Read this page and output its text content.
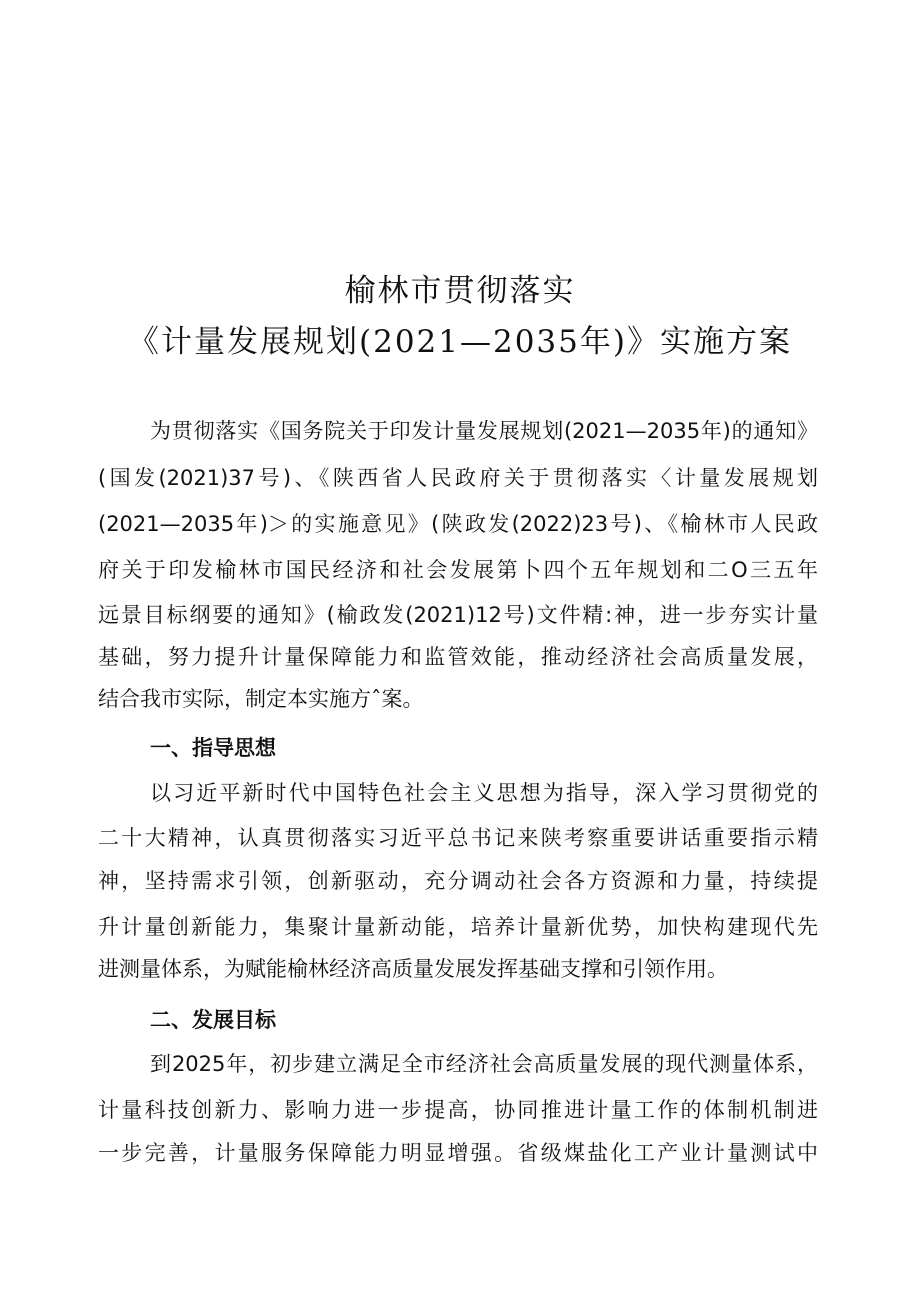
榆林市贯彻落实
《计量发展规划(2021—2035年)》实施方案
为贯彻落实《国务院关于印发计量发展规划(2021—2035年)的通知》
(国发(2021)37号)、《陕西省人民政府关于贯彻落实〈计量发展规划
(2021—2035年)＞的实施意见》(陕政发(2022)23号)、《榆林市人民政
府关于印发榆林市国民经济和社会发展第卜四个五年规划和二O三五年
远景目标纲要的通知》(榆政发(2021)12号)文件精:神，进一步夯实计量
基础，努力提升计量保障能力和监管效能，推动经济社会高质量发展，
结合我市实际，制定本实施方ˆ案。
一、指导思想
以习近平新时代中国特色社会主义思想为指导，深入学习贯彻党的
二十大精神，认真贯彻落实习近平总书记来陕考察重要讲话重要指示精
神，坚持需求引领，创新驱动，充分调动社会各方资源和力量，持续提
升计量创新能力，集聚计量新动能，培养计量新优势，加快构建现代先
进测量体系，为赋能榆林经济高质量发展发挥基础支撑和引领作用。
二、发展目标
到2025年，初步建立满足全市经济社会高质量发展的现代测量体系，
计量科技创新力、影响力进一步提高，协同推进计量工作的体制机制进
一步完善，计量服务保障能力明显增强。省级煤盐化工产业计量测试中
